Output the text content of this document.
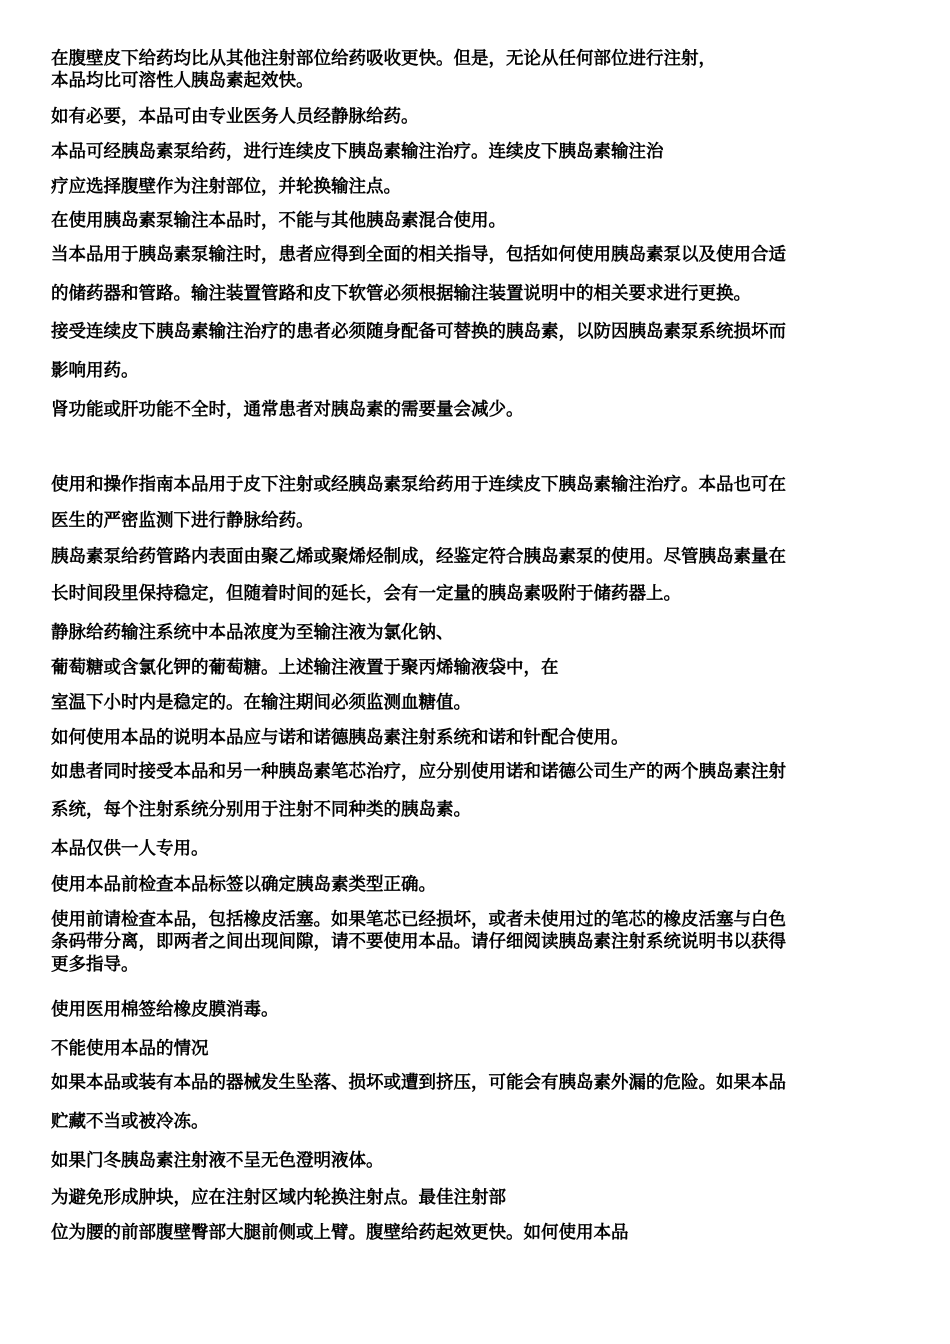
在腹壁皮下给药均比从其他注射部位给药吸收更快。但是，无论从任何部位进行注射，
本品均比可溶性人胰岛素起效快。
如有必要，本品可由专业医务人员经静脉给药。
本品可经胰岛素泵给药，进行连续皮下胰岛素输注治疗。连续皮下胰岛素输注治
疗应选择腹壁作为注射部位，并轮换输注点。
在使用胰岛素泵输注本品时，不能与其他胰岛素混合使用。
当本品用于胰岛素泵输注时，患者应得到全面的相关指导，包括如何使用胰岛素泵以及使用合适
的储药器和管路。输注装置管路和皮下软管必须根据输注装置说明中的相关要求进行更换。
接受连续皮下胰岛素输注治疗的患者必须随身配备可替换的胰岛素，以防因胰岛素泵系统损坏而
影响用药。
肾功能或肝功能不全时，通常患者对胰岛素的需要量会减少。
使用和操作指南本品用于皮下注射或经胰岛素泵给药用于连续皮下胰岛素输注治疗。本品也可在
医生的严密监测下进行静脉给药。
胰岛素泵给药管路内表面由聚乙烯或聚烯烃制成，经鉴定符合胰岛素泵的使用。尽管胰岛素量在
长时间段里保持稳定，但随着时间的延长，会有一定量的胰岛素吸附于储药器上。
静脉给药输注系统中本品浓度为至输注液为氯化钠、
葡萄糖或含氯化钾的葡萄糖。上述输注液置于聚丙烯输液袋中，在
室温下小时内是稳定的。在输注期间必须监测血糖值。
如何使用本品的说明本品应与诺和诺德胰岛素注射系统和诺和针配合使用。
如患者同时接受本品和另一种胰岛素笔芯治疗，应分别使用诺和诺德公司生产的两个胰岛素注射
系统，每个注射系统分别用于注射不同种类的胰岛素。
本品仅供一人专用。
使用本品前检查本品标签以确定胰岛素类型正确。
使用前请检查本品，包括橡皮活塞。如果笔芯已经损坏，或者未使用过的笔芯的橡皮活塞与白色
条码带分离，即两者之间出现间隙，请不要使用本品。请仔细阅读胰岛素注射系统说明书以获得
更多指导。
使用医用棉签给橡皮膜消毒。
不能使用本品的情况
如果本品或装有本品的器械发生坠落、损坏或遭到挤压，可能会有胰岛素外漏的危险。如果本品
贮藏不当或被冷冻。
如果门冬胰岛素注射液不呈无色澄明液体。
为避免形成肿块，应在注射区域内轮换注射点。最佳注射部
位为腰的前部腹壁臀部大腿前侧或上臂。腹壁给药起效更快。如何使用本品
